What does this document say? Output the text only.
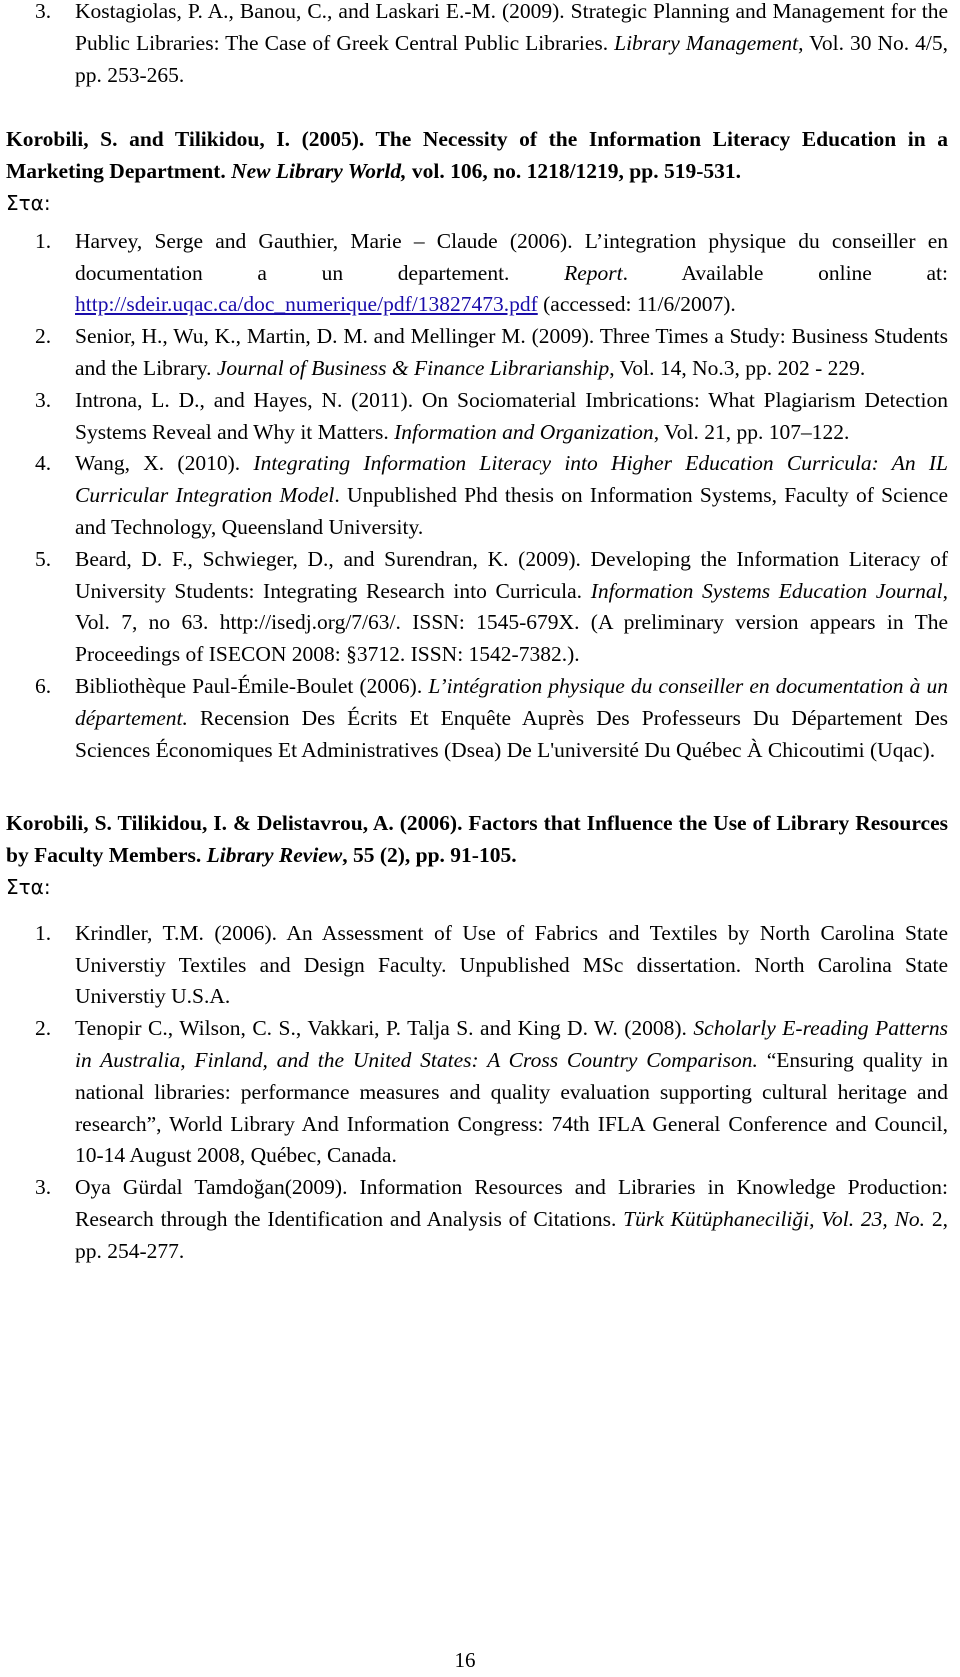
3. Kostagiolas, P. A., Banou, C., and Laskari E.-M. (2009). Strategic Planning and Management for the Public Libraries: The Case of Greek Central Public Libraries. Library Management, Vol. 30 No. 4/5, pp. 253-265.
Korobili, S. and Tilikidou, I. (2005). The Necessity of the Information Literacy Education in a Marketing Department. New Library World, vol. 106, no. 1218/1219, pp. 519-531.
Στα:
1. Harvey, Serge and Gauthier, Marie – Claude (2006). L’integration physique du conseiller en documentation a un departement. Report. Available online at: http://sdeir.uqac.ca/doc_numerique/pdf/13827473.pdf (accessed: 11/6/2007).
2. Senior, H., Wu, K., Martin, D. M. and Mellinger M. (2009). Three Times a Study: Business Students and the Library. Journal of Business & Finance Librarianship, Vol. 14, No.3, pp. 202 - 229.
3. Introna, L. D., and Hayes, N. (2011). On Sociomaterial Imbrications: What Plagiarism Detection Systems Reveal and Why it Matters. Information and Organization, Vol. 21, pp. 107–122.
4. Wang, X. (2010). Integrating Information Literacy into Higher Education Curricula: An IL Curricular Integration Model. Unpublished Phd thesis on Information Systems, Faculty of Science and Technology, Queensland University.
5. Beard, D. F., Schwieger, D., and Surendran, K. (2009). Developing the Information Literacy of University Students: Integrating Research into Curricula. Information Systems Education Journal, Vol. 7, no 63. http://isedj.org/7/63/. ISSN: 1545-679X. (A preliminary version appears in The Proceedings of ISECON 2008: §3712. ISSN: 1542-7382.).
6. Bibliothèque Paul-Émile-Boulet (2006). L’intégration physique du conseiller en documentation à un département. Recension Des Écrits Et Enquête Auprès Des Professeurs Du Département Des Sciences Économiques Et Administratives (Dsea) De L'université Du Québec À Chicoutimi (Uqac).
Korobili, S. Tilikidou, I. & Delistavrou, A. (2006). Factors that Influence the Use of Library Resources by Faculty Members. Library Review, 55 (2), pp. 91-105.
Στα:
1. Krindler, T.M. (2006). An Assessment of Use of Fabrics and Textiles by North Carolina State Universtiy Textiles and Design Faculty. Unpublished MSc dissertation. North Carolina State Universtiy U.S.A.
2. Tenopir C., Wilson, C. S., Vakkari, P. Talja S. and King D. W. (2008). Scholarly E-reading Patterns in Australia, Finland, and the United States: A Cross Country Comparison. “Ensuring quality in national libraries: performance measures and quality evaluation supporting cultural heritage and research”, World Library And Information Congress: 74th IFLA General Conference and Council, 10-14 August 2008, Québec, Canada.
3. Oya Gürdal Tamdoğan(2009). Information Resources and Libraries in Knowledge Production: Research through the Identification and Analysis of Citations. Türk Kütüphaneciliği, Vol. 23, No. 2, pp. 254-277.
16
